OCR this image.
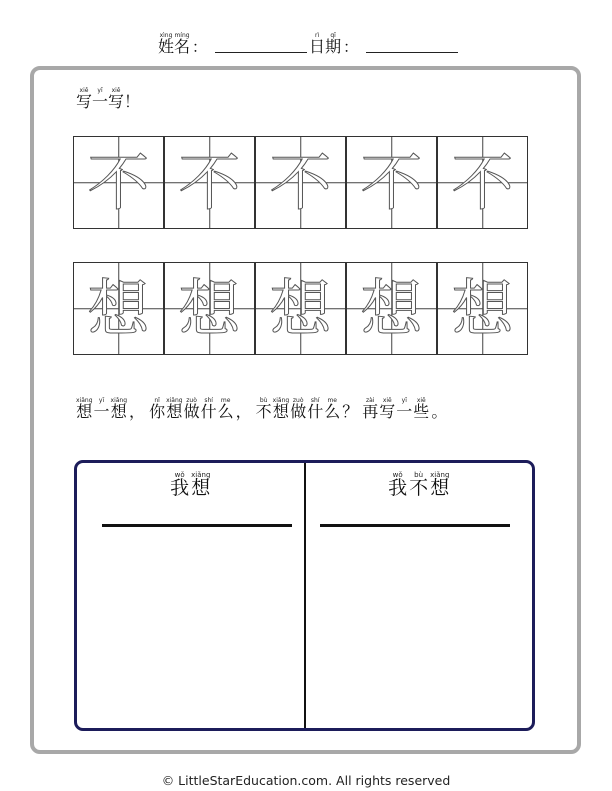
xìng
姓
míng
名 ：
rì
日
qī
期 ：
xiě
写
yī
一
xiě
写 ！
不 不 不 不 不
想 想 想 想 想
xiǎng
想
yī
一
xiǎng
想 ，
nǐ
你
xiǎng
想
zuò
做
shí
什
me
么 ，
bù
不
xiǎng
想
zuò
做
shí
什
me
么 ？
zài
再
xiě
写
yī
一
xiē
些 。
wǒ
我
xiǎng
想
wǒ
我
bù
不
xiǎng
想
© LittleStarEducation.com. All rights reserved
